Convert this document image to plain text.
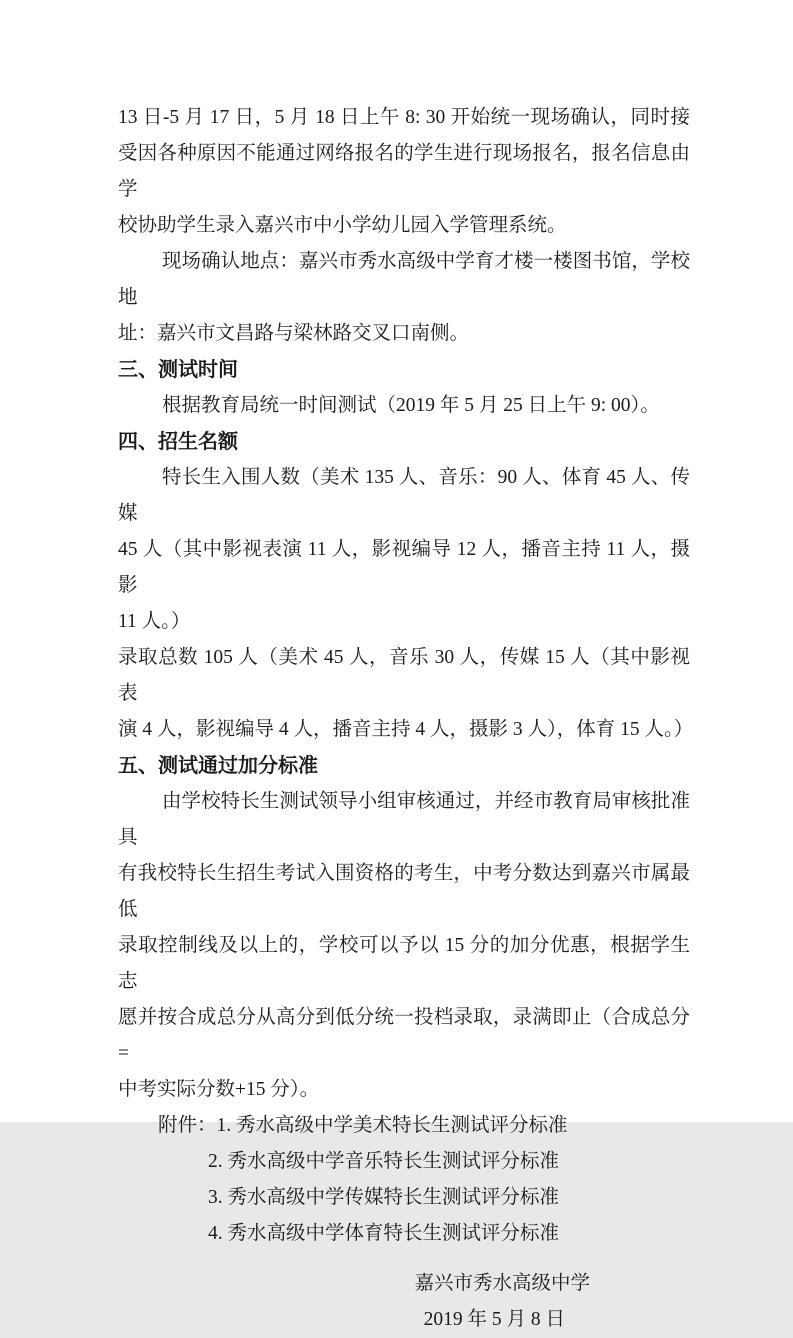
13 日-5 月 17 日，5 月 18 日上午 8: 30 开始统一现场确认，同时接
受因各种原因不能通过网络报名的学生进行现场报名，报名信息由学
校协助学生录入嘉兴市中小学幼儿园入学管理系统。
现场确认地点：嘉兴市秀水高级中学育才楼一楼图书馆，学校地
址：嘉兴市文昌路与梁林路交叉口南侧。
三、测试时间
根据教育局统一时间测试（2019 年 5 月 25 日上午 9: 00）。
四、招生名额
特长生入围人数（美术 135 人、音乐：90 人、体育 45 人、传媒
45 人（其中影视表演 11 人，影视编导 12 人，播音主持 11 人，摄影
11 人。）
录取总数 105 人（美术 45 人，音乐 30 人，传媒 15 人（其中影视表
演 4 人，影视编导 4 人，播音主持 4 人，摄影 3 人），体育 15 人。）
五、测试通过加分标准
由学校特长生测试领导小组审核通过，并经市教育局审核批准具
有我校特长生招生考试入围资格的考生，中考分数达到嘉兴市属最低
录取控制线及以上的，学校可以予以 15 分的加分优惠，根据学生志
愿并按合成总分从高分到低分统一投档录取，录满即止（合成总分=
中考实际分数+15 分）。
附件：1. 秀水高级中学美术特长生测试评分标准
2. 秀水高级中学音乐特长生测试评分标准
3. 秀水高级中学传媒特长生测试评分标准
4. 秀水高级中学体育特长生测试评分标准
嘉兴市秀水高级中学
2019 年 5 月 8 日
